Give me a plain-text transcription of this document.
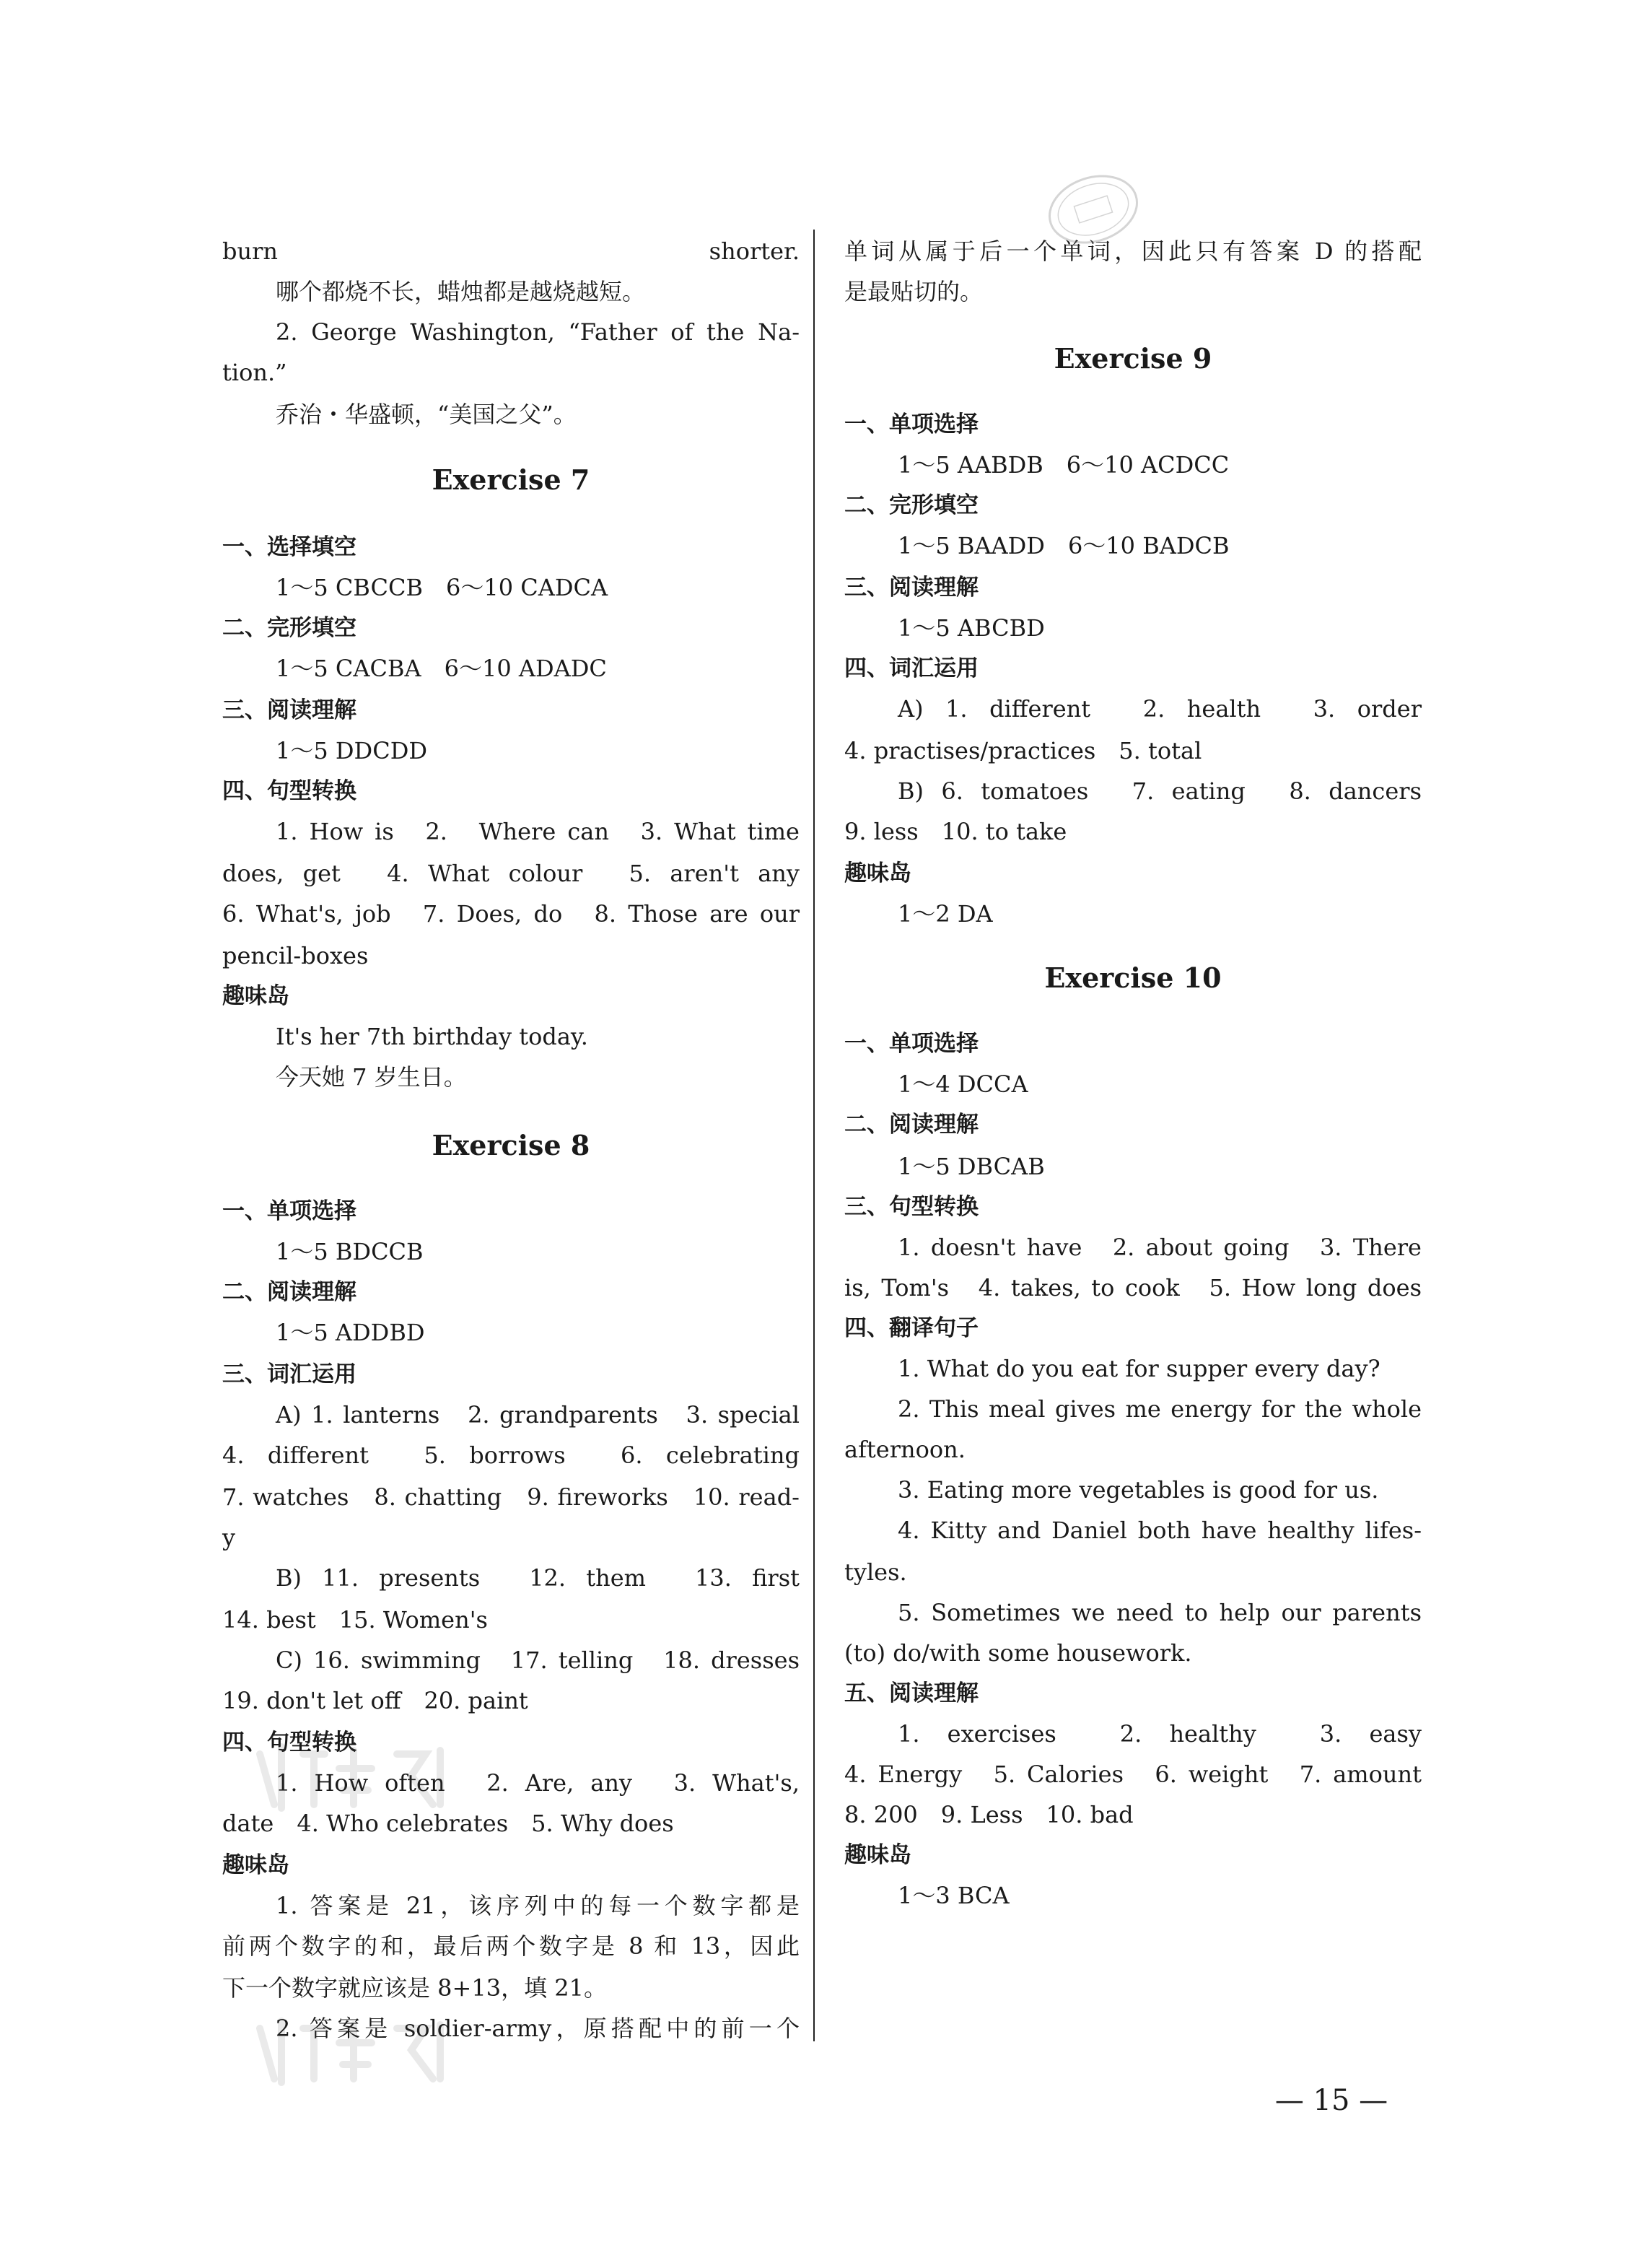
burn shorter.
哪个都烧不长，蜡烛都是越烧越短。
2. George Washington, “Father of the Na-
tion.”
乔治・华盛顿，“美国之父”。
Exercise 7
一、选择填空
1～5 CBCCB　6～10 CADCA
二、完形填空
1～5 CACBA　6～10 ADADC
三、阅读理解
1～5 DDCDD
四、句型转换
1. How is　2.　Where can　3. What time
does, get　4. What colour　5. aren't any
6. What's, job　7. Does, do　8. Those are our
pencil-boxes
趣味岛
It's her 7th birthday today.
今天她 7 岁生日。
Exercise 8
一、单项选择
1～5 BDCCB
二、阅读理解
1～5 ADDBD
三、词汇运用
A) 1. lanterns　2. grandparents　3. special
4. different　5. borrows　6. celebrating
7. watches　8. chatting　9. fireworks　10. read-
y
B) 11. presents　12. them　13. first
14. best　15. Women's
C) 16. swimming　17. telling　18. dresses
19. don't let off　20. paint
四、句型转换
1. How often　2. Are, any　3. What's,
date　4. Who celebrates　5. Why does
趣味岛
1. 答案是 21，该序列中的每一个数字都是
前两个数字的和，最后两个数字是 8 和 13，因此
下一个数字就应该是 8+13，填 21。
2. 答案是 soldier-army，原搭配中的前一个
单词从属于后一个单词，因此只有答案 D 的搭配
是最贴切的。
Exercise 9
一、单项选择
1～5 AABDB　6～10 ACDCC
二、完形填空
1～5 BAADD　6～10 BADCB
三、阅读理解
1～5 ABCBD
四、词汇运用
A) 1. different　2. health　3. order
4. practises/practices　5. total
B) 6. tomatoes　7. eating　8. dancers
9. less　10. to take
趣味岛
1～2 DA
Exercise 10
一、单项选择
1～4 DCCA
二、阅读理解
1～5 DBCAB
三、句型转换
1. doesn't have　2. about going　3. There
is, Tom's　4. takes, to cook　5. How long does
四、翻译句子
1. What do you eat for supper every day?
2. This meal gives me energy for the whole
afternoon.
3. Eating more vegetables is good for us.
4. Kitty and Daniel both have healthy lifes-
tyles.
5. Sometimes we need to help our parents
(to) do/with some housework.
五、阅读理解
1. exercises　2. healthy　3. easy
4. Energy　5. Calories　6. weight　7. amount
8. 200　9. Less　10. bad
趣味岛
1～3 BCA
— 15 —
